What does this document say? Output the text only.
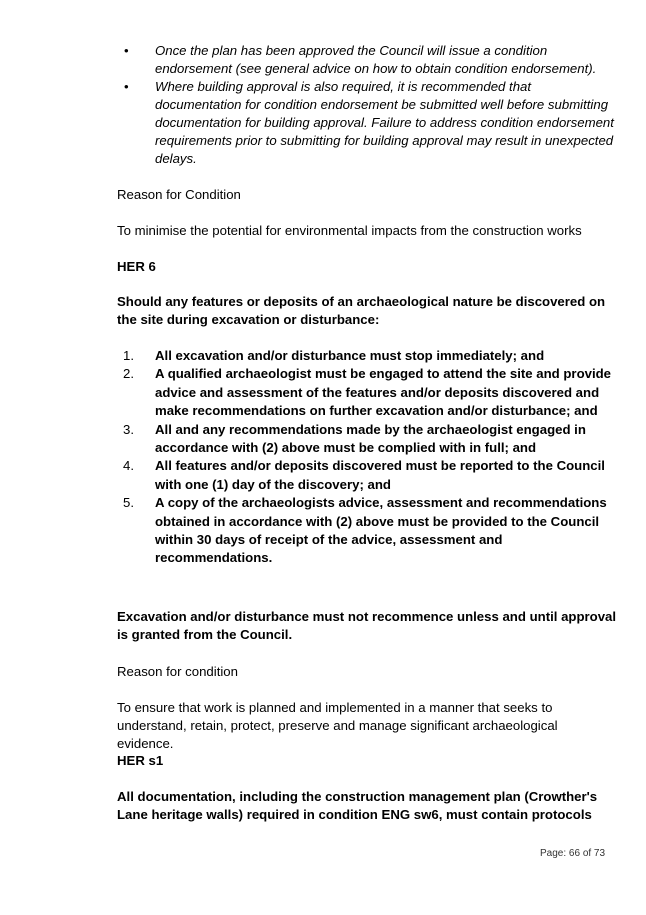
• Once the plan has been approved the Council will issue a condition endorsement (see general advice on how to obtain condition endorsement).
• Where building approval is also required, it is recommended that documentation for condition endorsement be submitted well before submitting documentation for building approval. Failure to address condition endorsement requirements prior to submitting for building approval may result in unexpected delays.

Reason for Condition

To minimise the potential for environmental impacts from the construction works

HER 6

Should any features or deposits of an archaeological nature be discovered on the site during excavation or disturbance:

1. All excavation and/or disturbance must stop immediately; and
2. A qualified archaeologist must be engaged to attend the site and provide advice and assessment of the features and/or deposits discovered and make recommendations on further excavation and/or disturbance; and
3. All and any recommendations made by the archaeologist engaged in accordance with (2) above must be complied with in full; and
4. All features and/or deposits discovered must be reported to the Council with one (1) day of the discovery; and
5. A copy of the archaeologists advice, assessment and recommendations obtained in accordance with (2) above must be provided to the Council within 30 days of receipt of the advice, assessment and recommendations.

Excavation and/or disturbance must not recommence unless and until approval is granted from the Council.

Reason for condition

To ensure that work is planned and implemented in a manner that seeks to understand, retain, protect, preserve and manage significant archaeological evidence.

HER s1

All documentation, including the construction management plan (Crowther's Lane heritage walls) required in condition ENG sw6, must contain protocols

Page: 66 of 73
